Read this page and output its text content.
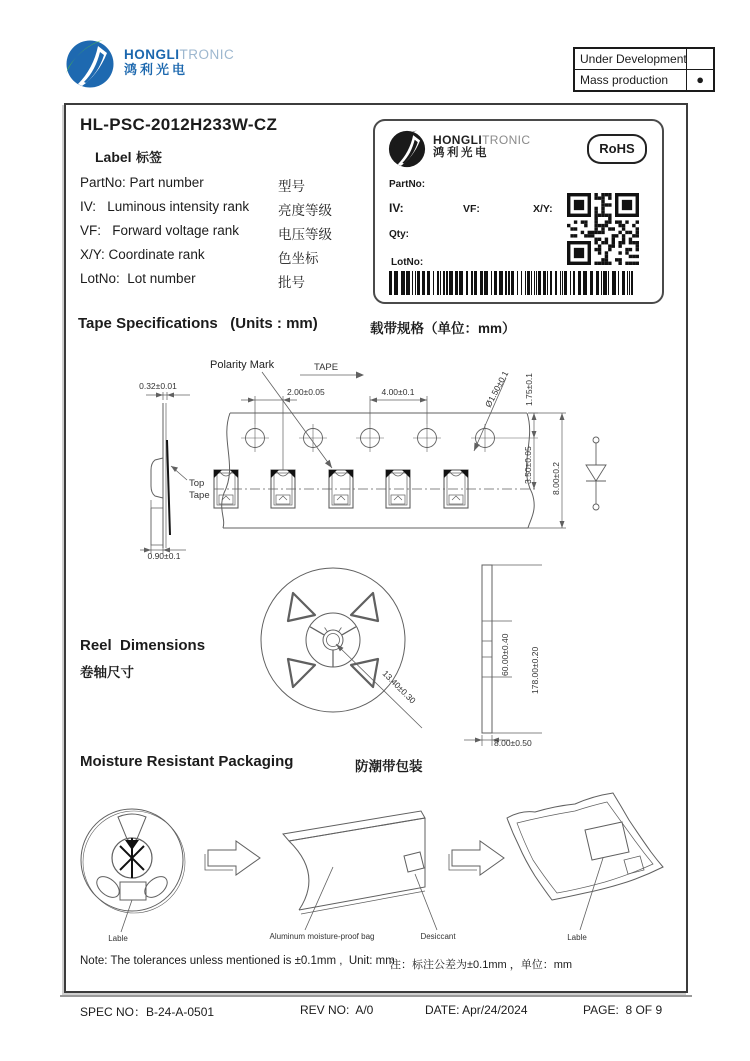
HONGLITRONIC
鸿利光电
Under Development
Mass production	●
HL-PSC-2012H233W-CZ
Label 标签
PartNo: Part number	型号
IV:   Luminous intensity rank 亮度等级
VF:   Forward voltage rank	电压等级
X/Y: Coordinate rank	色坐标
LotNo:  Lot number	批号
HONGLITRONIC
鸿利光电	RoHS
PartNo:
IV:	VF:	X/Y:
Qty:
LotNo:
Tape Specifications   (Units : mm)	载带规格（单位：mm）
0.32±0.01
0.90±0.1
Top
Tape
2.00±0.05	4.00±0.1	Ø1.50±0.1 1.75±0.1
3.50±0.05 8.00±0.2
Polarity Mark	TAPE
Reel  Dimensions
卷轴尺寸	13.40±0.30
60.00±0.40 178.00±0.20
8.00±0.50
Moisture Resistant Packaging	防潮带包装
Lable	Aluminum moisture-proof bag	Desiccant	Lable
Note: The tolerances unless mentioned is ±0.1mm ,  Unit: mm
注：标注公差为±0.1mm ，单位：mm
SPEC NO：B-24-A-0501	REV NO:  A/0	DATE: Apr/24/2024	PAGE:  8 OF 9
